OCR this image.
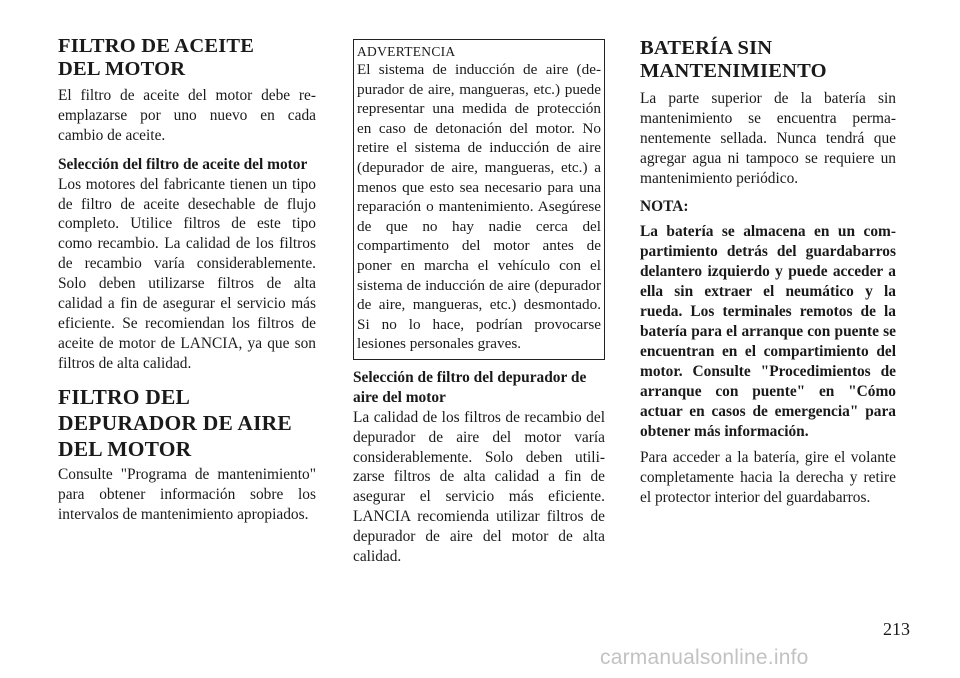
FILTRO DE ACEITE DEL MOTOR

El filtro de aceite del motor debe reemplazarse por uno nuevo en cada cambio de aceite.

Selección del filtro de aceite del motor

Los motores del fabricante tienen un tipo de filtro de aceite desechable de flujo completo. Utilice filtros de este tipo como recambio. La calidad de los filtros de recambio varía considerablemente. Solo deben utilizarse filtros de alta calidad a fin de asegurar el servicio más eficiente. Se recomiendan los filtros de aceite de motor de LANCIA, ya que son filtros de alta calidad.

FILTRO DEL DEPURADOR DE AIRE DEL MOTOR

Consulte "Programa de mantenimiento" para obtener información sobre los intervalos de mantenimiento apropiados.

ADVERTENCIA

El sistema de inducción de aire (depurador de aire, mangueras, etc.) puede representar una medida de protección en caso de detonación del motor. No retire el sistema de inducción de aire (depurador de aire, mangueras, etc.) a menos que esto sea necesario para una reparación o mantenimiento. Asegúrese de que no hay nadie cerca del compartimento del motor antes de poner en marcha el vehículo con el sistema de inducción de aire (depurador de aire, mangueras, etc.) desmontado. Si no lo hace, podrían provocarse lesiones personales graves.

Selección de filtro del depurador de aire del motor

La calidad de los filtros de recambio del depurador de aire del motor varía considerablemente. Solo deben utilizarse filtros de alta calidad a fin de asegurar el servicio más eficiente. LANCIA recomienda utilizar filtros de depurador de aire del motor de alta calidad.

BATERÍA SIN MANTENIMIENTO

La parte superior de la batería sin mantenimiento se encuentra permanentemente sellada. Nunca tendrá que agregar agua ni tampoco se requiere un mantenimiento periódico.

NOTA:

La batería se almacena en un compartimiento detrás del guardabarros delantero izquierdo y puede acceder a ella sin extraer el neumático y la rueda. Los terminales remotos de la batería para el arranque con puente se encuentran en el compartimiento del motor. Consulte "Procedimientos de arranque con puente" en "Cómo actuar en casos de emergencia" para obtener más información.

Para acceder a la batería, gire el volante completamente hacia la derecha y retire el protector interior del guardabarros.

213
carmanualsonline.info
